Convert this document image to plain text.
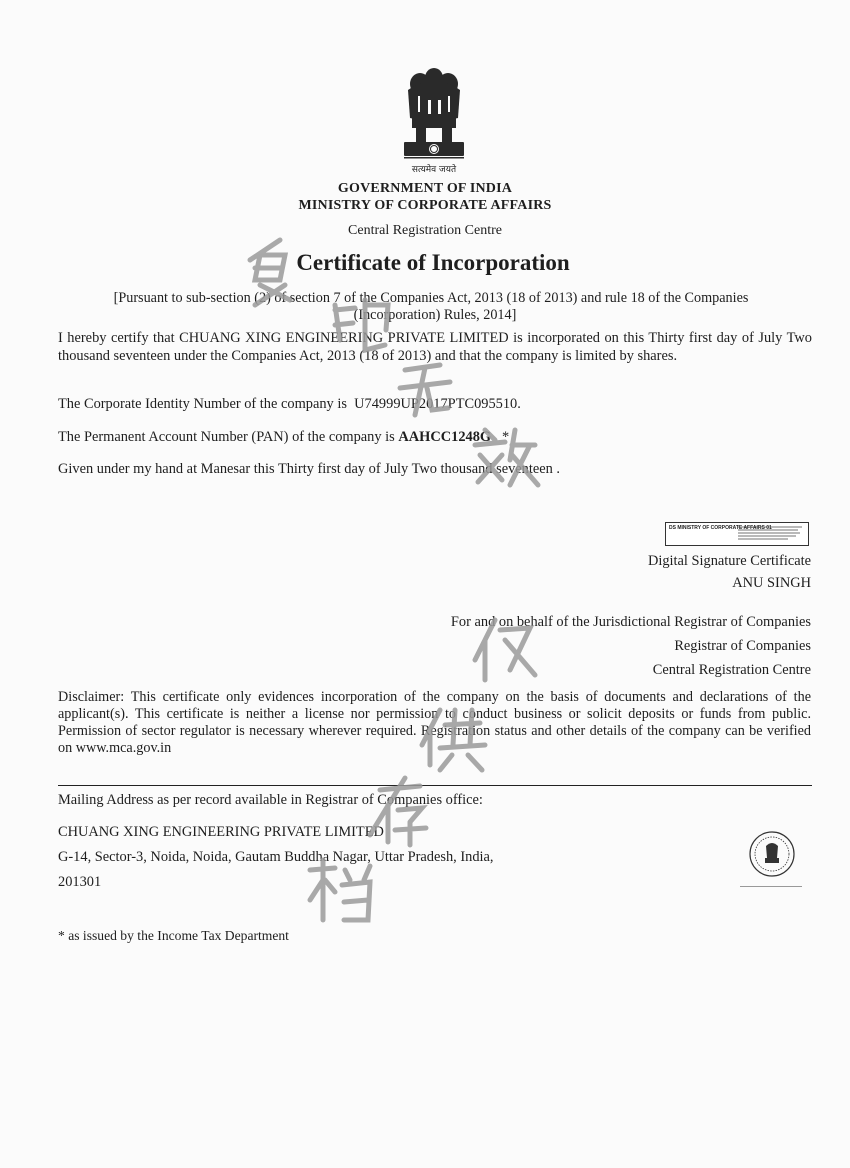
सत्यमेव जयते
GOVERNMENT OF INDIA
MINISTRY OF CORPORATE AFFAIRS
Central Registration Centre
Certificate of Incorporation
[Pursuant to sub-section (2) of section 7 of the Companies Act, 2013 (18 of 2013) and rule 18 of the Companies
(Incorporation) Rules, 2014]
I hereby certify that CHUANG XING ENGINEERING PRIVATE LIMITED is incorporated on this Thirty first day of July Two thousand seventeen under the Companies Act, 2013 (18 of 2013) and that the company is limited by shares.
The Corporate Identity Number of the company is U74999UP2017PTC095510.
The Permanent Account Number (PAN) of the company is AAHCC1248G *
Given under my hand at Manesar this Thirty first day of July Two thousand seventeen .
DS MINISTRY OF CORPORATE AFFAIRS 01
Digital Signature Certificate
ANU SINGH
For and on behalf of the Jurisdictional Registrar of Companies
Registrar of Companies
Central Registration Centre
Disclaimer: This certificate only evidences incorporation of the company on the basis of documents and declarations of the applicant(s). This certificate is neither a license nor permission to conduct business or solicit deposits or funds from public. Permission of sector regulator is necessary wherever required. Registration status and other details of the company can be verified on www.mca.gov.in
Mailing Address as per record available in Registrar of Companies office:
CHUANG XING ENGINEERING PRIVATE LIMITED
G-14, Sector-3, Noida, Noida, Gautam Buddha Nagar, Uttar Pradesh, India,
201301
* as issued by the Income Tax Department
